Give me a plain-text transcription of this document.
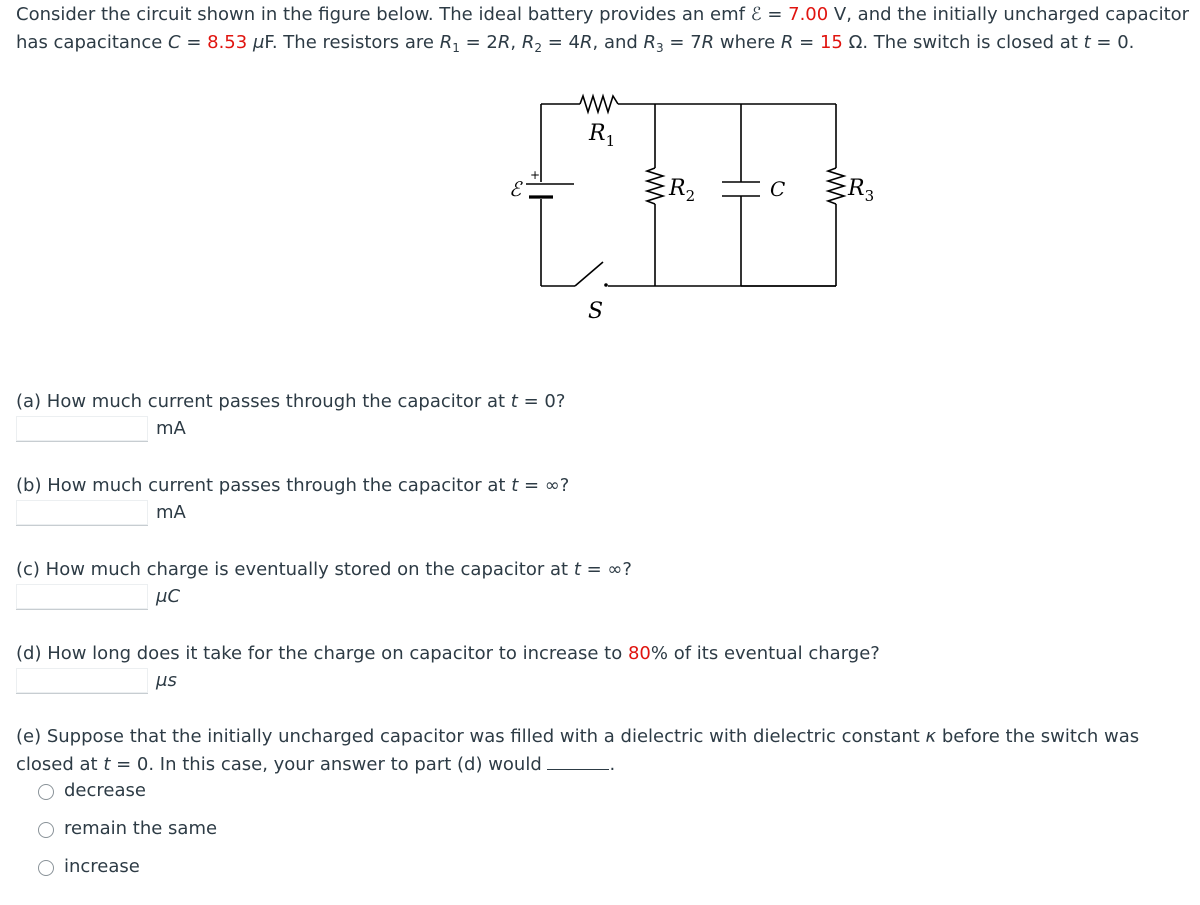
Consider the circuit shown in the figure below. The ideal battery provides an emf ℰ = 7.00 V, and the initially uncharged capacitor
has capacitance C = 8.53 μF. The resistors are $R_1 = 2R$, $R_2 = 4R$, and $R_3 = 7R$ where R = 15 Ω. The switch is closed at t = 0.
ℰ
+
$R_1$
$R_2$	C	$R_3$
S
(a) How much current passes through the capacitor at t = 0?
mA
(b) How much current passes through the capacitor at t = ∞?
mA
(c) How much charge is eventually stored on the capacitor at t = ∞?
μC
(d) How long does it take for the charge on capacitor to increase to 80% of its eventual charge?
μs
(e) Suppose that the initially uncharged capacitor was filled with a dielectric with dielectric constant κ before the switch was
closed at t = 0. In this case, your answer to part (d) would	.
decrease
remain the same
increase
